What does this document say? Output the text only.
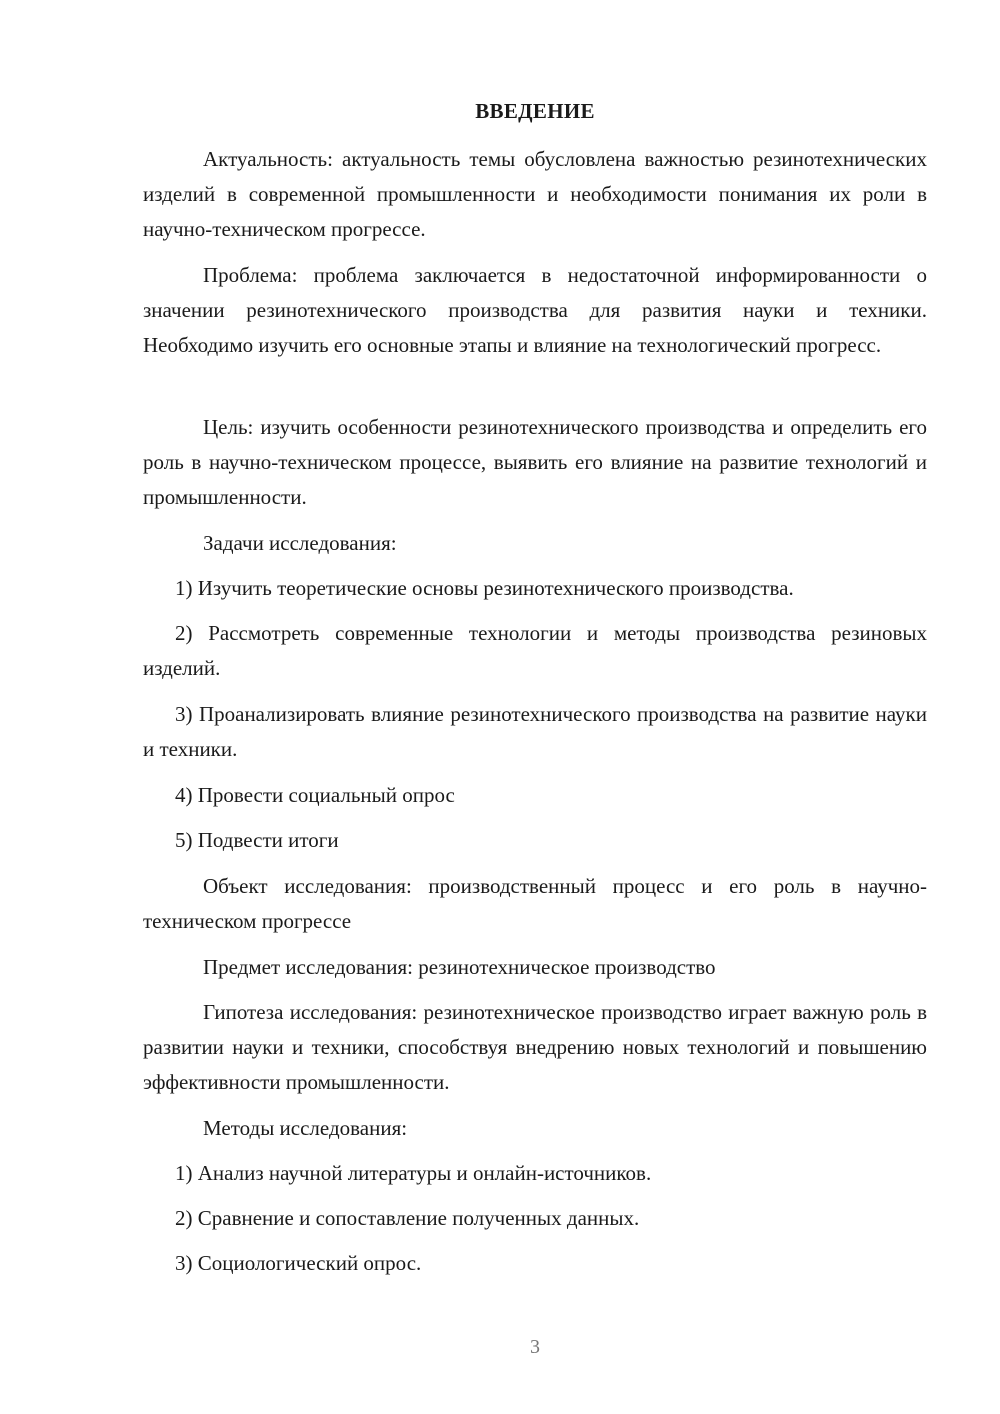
ВВЕДЕНИЕ

Актуальность: актуальность темы обусловлена важностью резинотехнических изделий в современной промышленности и необходимости понимания их роли в научно-техническом прогрессе.

Проблема: проблема заключается в недостаточной информированности о значении резинотехнического производства для развития науки и техники. Необходимо изучить его основные этапы и влияние на технологический прогресс.

Цель: изучить особенности резинотехнического производства и определить его роль в научно-техническом процессе, выявить его влияние на развитие технологий и промышленности.

Задачи исследования:

1) Изучить теоретические основы резинотехнического производства.

2) Рассмотреть современные технологии и методы производства резиновых изделий.

3) Проанализировать влияние резинотехнического производства на развитие науки и техники.

4) Провести социальный опрос

5) Подвести итоги

Объект исследования: производственный процесс и его роль в научно-техническом прогрессе

Предмет исследования: резинотехническое производство

Гипотеза исследования: резинотехническое производство играет важную роль в развитии науки и техники, способствуя внедрению новых технологий и повышению эффективности промышленности.

Методы исследования:

1) Анализ научной литературы и онлайн-источников.

2) Сравнение и сопоставление полученных данных.

3) Социологический опрос.

3
